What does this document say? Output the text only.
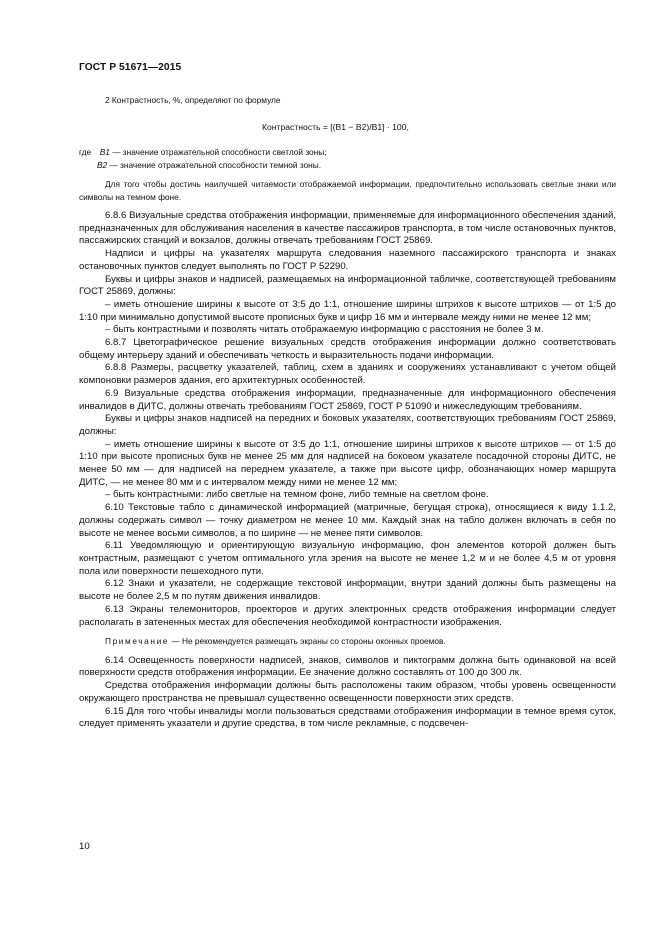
ГОСТ Р 51671—2015
2 Контрастность, %, определяют по формуле
Контрастность = [(B1 − B2)/B1] · 100,
где B1 — значение отражательной способности светлой зоны;
B2 — значение отражательной способности темной зоны.
Для того чтобы достичь наилучшей читаемости отображаемой информации, предпочтительно использовать светлые знаки или символы на темном фоне.

6.8.6 Визуальные средства отображения информации, применяемые для информационного обеспечения зданий, предназначенных для обслуживания населения в качестве пассажиров транспорта, в том числе остановочных пунктов, пассажирских станций и вокзалов, должны отвечать требованиям ГОСТ 25869.

Надписи и цифры на указателях маршрута следования наземного пассажирского транспорта и знаках остановочных пунктов следует выполнять по ГОСТ Р 52290.

Буквы и цифры знаков и надписей, размещаемых на информационной табличке, соответствующей требованиям ГОСТ 25869, должны:

– иметь отношение ширины к высоте от 3:5 до 1:1, отношение ширины штрихов к высоте штрихов — от 1:5 до 1:10 при минимально допустимой высоте прописных букв и цифр 16 мм и интервале между ними не менее 12 мм;

– быть контрастными и позволять читать отображаемую информацию с расстояния не более 3 м.

6.8.7 Цветографическое решение визуальных средств отображения информации должно соответствовать общему интерьеру зданий и обеспечивать четкость и выразительность подачи информации.

6.8.8 Размеры, расцветку указателей, таблиц, схем в зданиях и сооружениях устанавливают с учетом общей компоновки размеров здания, его архитектурных особенностей.

6.9 Визуальные средства отображения информации, предназначенные для информационного обеспечения инвалидов в ДИТС, должны отвечать требованиям ГОСТ 25869, ГОСТ Р 51090 и нижеследующим требованиям.

Буквы и цифры знаков надписей на передних и боковых указателях, соответствующих требованиям ГОСТ 25869, должны:

– иметь отношение ширины к высоте от 3:5 до 1:1, отношение ширины штрихов к высоте штрихов — от 1:5 до 1:10 при высоте прописных букв не менее 25 мм для надписей на боковом указателе посадочной стороны ДИТС, не менее 50 мм — для надписей на переднем указателе, а также при высоте цифр, обозначающих номер маршрута ДИТС, — не менее 80 мм и с интервалом между ними не менее 12 мм;

– быть контрастными: либо светлые на темном фоне, либо темные на светлом фоне.

6.10 Текстовые табло с динамической информацией (матричные, бегущая строка), относящиеся к виду 1.1.2, должны содержать символ — точку диаметром не менее 10 мм. Каждый знак на табло должен включать в себя по высоте не менее восьми символов, а по ширине — не менее пяти символов.

6.11 Уведомляющую и ориентирующую визуальную информацию, фон элементов которой должен быть контрастным, размещают с учетом оптимального угла зрения на высоте не менее 1,2 м и не более 4,5 м от уровня пола или поверхности пешеходного пути.

6.12 Знаки и указатели, не содержащие текстовой информации, внутри зданий должны быть размещены на высоте не более 2,5 м по путям движения инвалидов.

6.13 Экраны телемониторов, проекторов и других электронных средств отображения информации следует располагать в затененных местах для обеспечения необходимой контрастности изображения.

Примечание — Не рекомендуется размещать экраны со стороны оконных проемов.

6.14 Освещенность поверхности надписей, знаков, символов и пиктограмм должна быть одинаковой на всей поверхности средств отображения информации. Ее значение должно составлять от 100 до 300 лк.

Средства отображения информации должны быть расположены таким образом, чтобы уровень освещенности окружающего пространства не превышал существенно освещенности поверхности этих средств.

6.15 Для того чтобы инвалиды могли пользоваться средствами отображения информации в темное время суток, следует применять указатели и другие средства, в том числе рекламные, с подсвечен-

10
